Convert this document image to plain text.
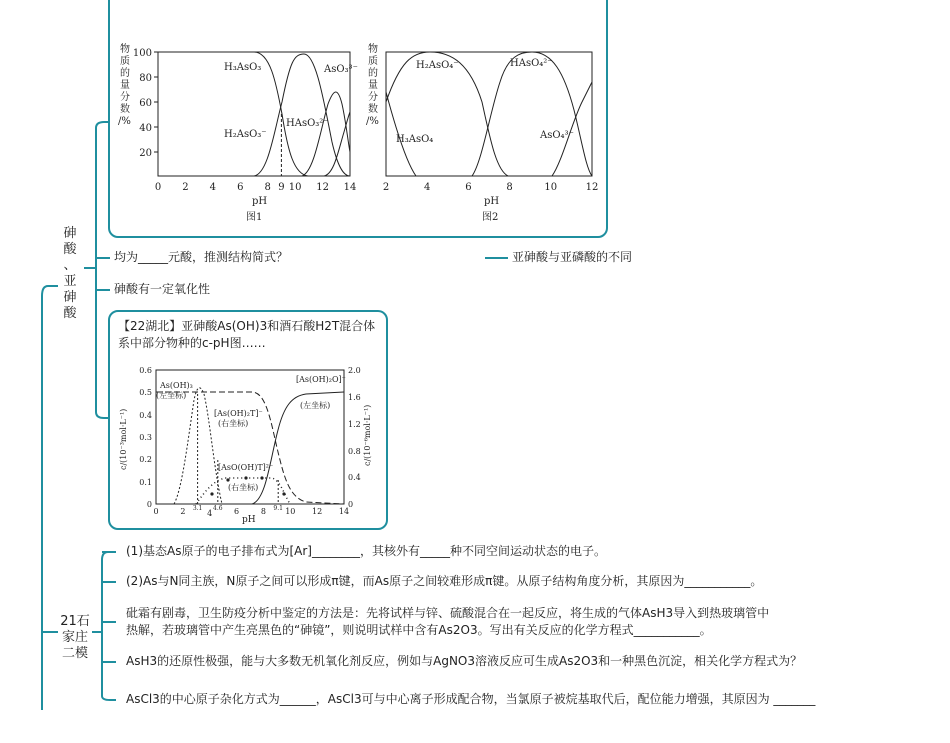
砷
酸
、
亚
砷
酸
100
80
60
40
20
0 2 4 6 8 9 10 12 14
H₃AsO₃
H₂AsO₃⁻
HAsO₃²⁻
AsO₃³⁻
物质的 量分数/%
pH
图1
2	4	6	8	10	12
H₂AsO₄⁻	HAsO₄²⁻
H₃AsO₄	AsO₄³⁻
物质的 量分数/%
pH
图2
均为_____元酸，推测结构简式？
砷酸有一定氧化性
亚砷酸与亚磷酸的不同
【22湖北】亚砷酸As(OH)3和酒石酸H2T混合体系中部分物种的c-pH图……
0.6
0.5
0.4
0.3
0.2
0.1
0
2.0
1.6
1.2
0.8
0.4
0
0	2	4	6	8 10 12 14
3.1 4.6	9.1
pH
As(OH)₃
(左坐标)
[As(OH)₂T]⁻
(右坐标)
[As(OH)₂O]⁻
(左坐标)
[AsO(OH)T]²⁻
(右坐标)
c/(10⁻³mol·L⁻¹)	c/(10⁻⁶mol·L⁻¹)
21石
家庄
二模
(1)基态As原子的电子排布式为[Ar]________，其核外有_____种不同空间运动状态的电子。
(2)As与N同主族，N原子之间可以形成π键，而As原子之间较难形成π键。从原子结构角度分析，其原因为___________。
砒霜有剧毒，卫生防疫分析中鉴定的方法是：先将试样与锌、硫酸混合在一起反应，将生成的气体AsH3导入到热玻璃管中
热解，若玻璃管中产生亮黑色的“砷镜”，则说明试样中含有As2O3。写出有关反应的化学方程式___________。
AsH3的还原性极强，能与大多数无机氧化剂反应，例如与AgNO3溶液反应可生成As2O3和一种黑色沉淀，相关化学方程式为？
AsCl3的中心原子杂化方式为______，AsCl3可与中心离子形成配合物，当氯原子被烷基取代后，配位能力增强，其原因为 _______
